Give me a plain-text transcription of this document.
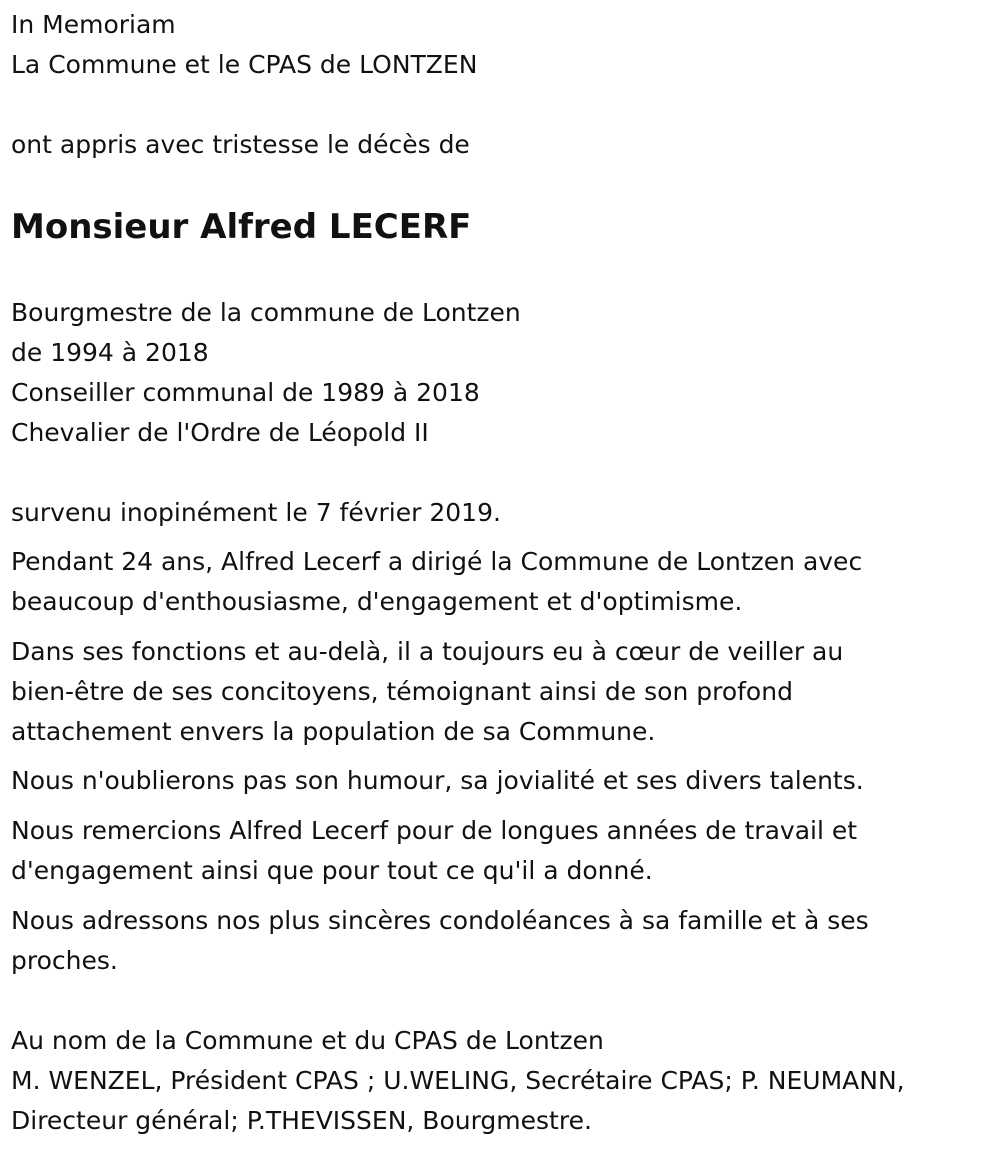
In Memoriam
La Commune et le CPAS de LONTZEN
ont appris avec tristesse le décès de
Monsieur Alfred LECERF
Bourgmestre de la commune de Lontzen
de 1994 à 2018
Conseiller communal de 1989 à 2018
Chevalier de l'Ordre de Léopold II
survenu inopinément le 7 février 2019.
Pendant 24 ans, Alfred Lecerf a dirigé la Commune de Lontzen avec
beaucoup d'enthousiasme, d'engagement et d'optimisme.
Dans ses fonctions et au-delà, il a toujours eu à cœur de veiller au
bien-être de ses concitoyens, témoignant ainsi de son profond
attachement envers la population de sa Commune.
Nous n'oublierons pas son humour, sa jovialité et ses divers talents.
Nous remercions Alfred Lecerf pour de longues années de travail et
d'engagement ainsi que pour tout ce qu'il a donné.
Nous adressons nos plus sincères condoléances à sa famille et à ses
proches.
Au nom de la Commune et du CPAS de Lontzen
M. WENZEL, Président CPAS ; U.WELING, Secrétaire CPAS; P. NEUMANN,
Directeur général; P.THEVISSEN, Bourgmestre.
